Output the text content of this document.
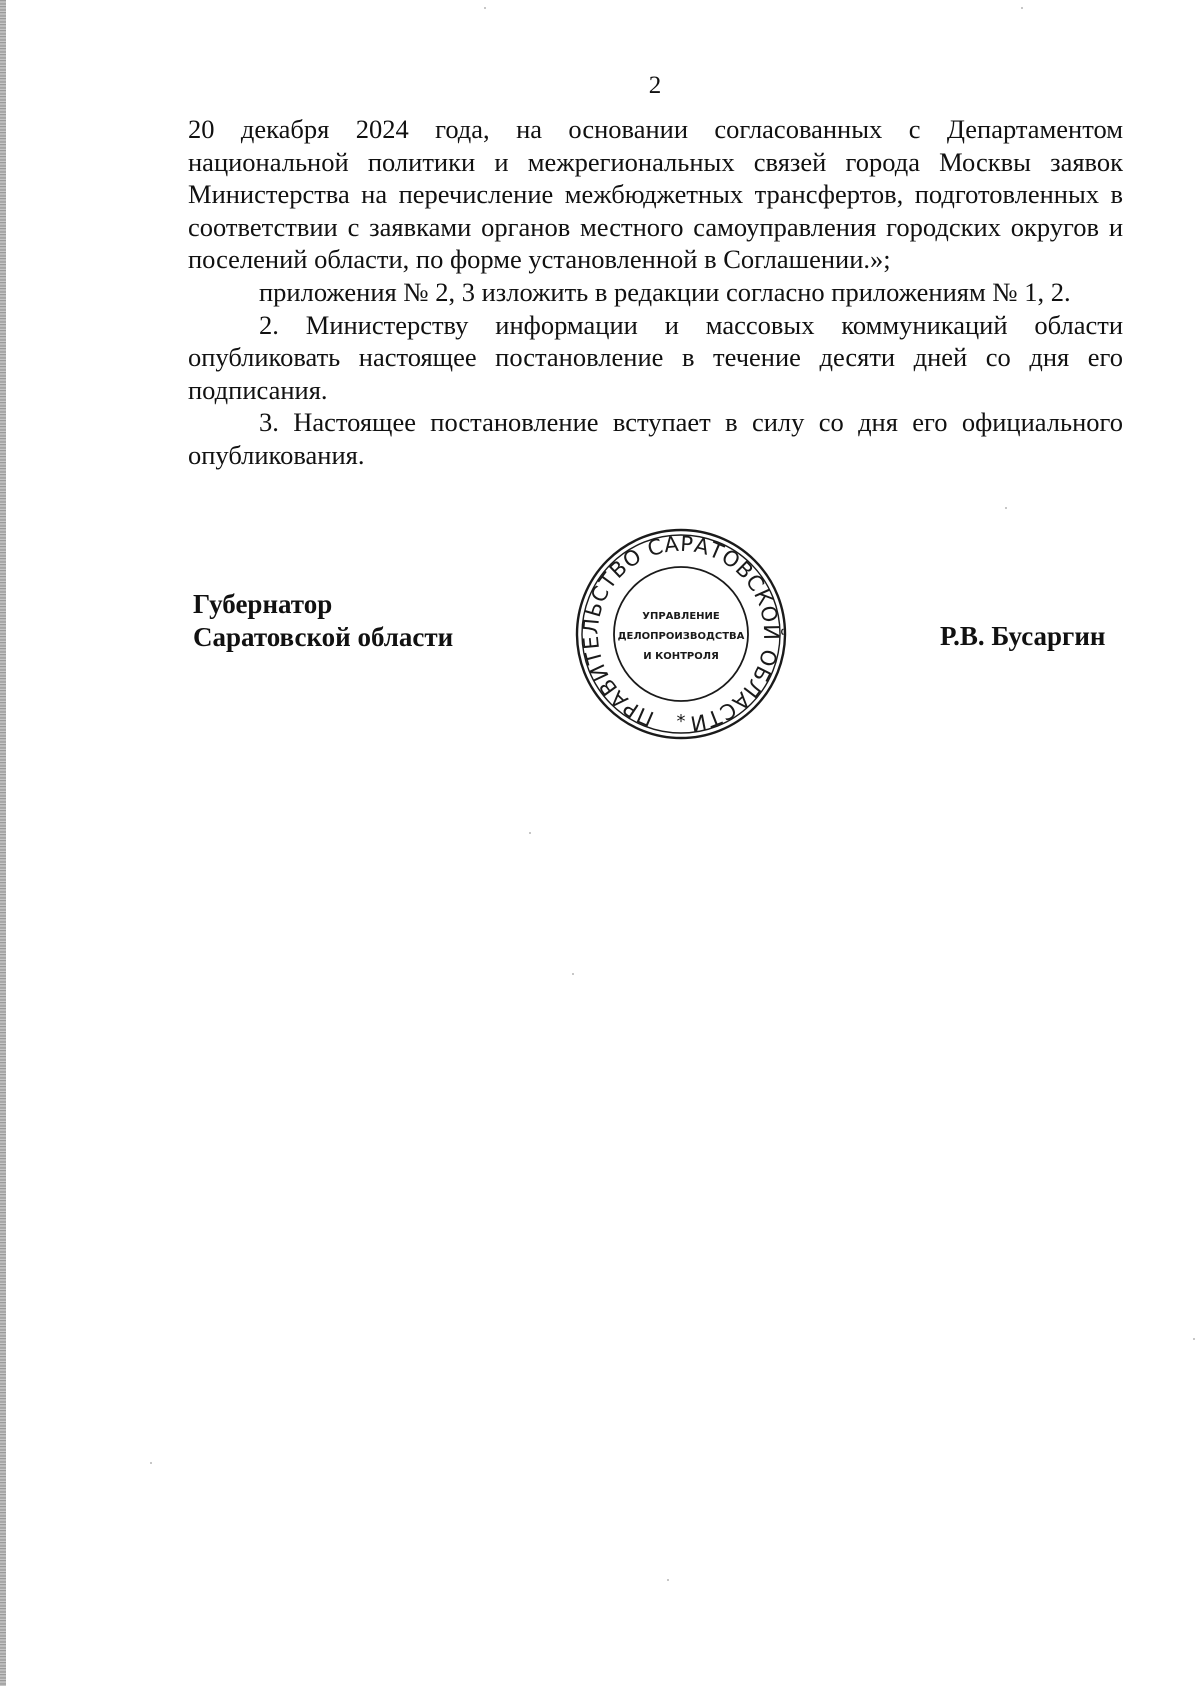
2

20 декабря 2024 года, на основании согласованных с Департаментом национальной политики и межрегиональных связей города Москвы заявок Министерства на перечисление межбюджетных трансфертов, подготовленных в соответствии с заявками органов местного самоуправления городских округов и поселений области, по форме установленной в Соглашении.»;

приложения № 2, 3 изложить в редакции согласно приложениям № 1, 2.

2. Министерству информации и массовых коммуникаций области опубликовать настоящее постановление в течение десяти дней со дня его подписания.

3. Настоящее постановление вступает в силу со дня его официального опубликования.

Губернатор
Саратовской области
ПРАВИТЕЛЬСТВО САРАТОВСКОЙ ОБЛАСТИ
УПРАВЛЕНИЕ
ДЕЛОПРОИЗВОДСТВА
И КОНТРОЛЯ
*
Р.В. Бусаргин
